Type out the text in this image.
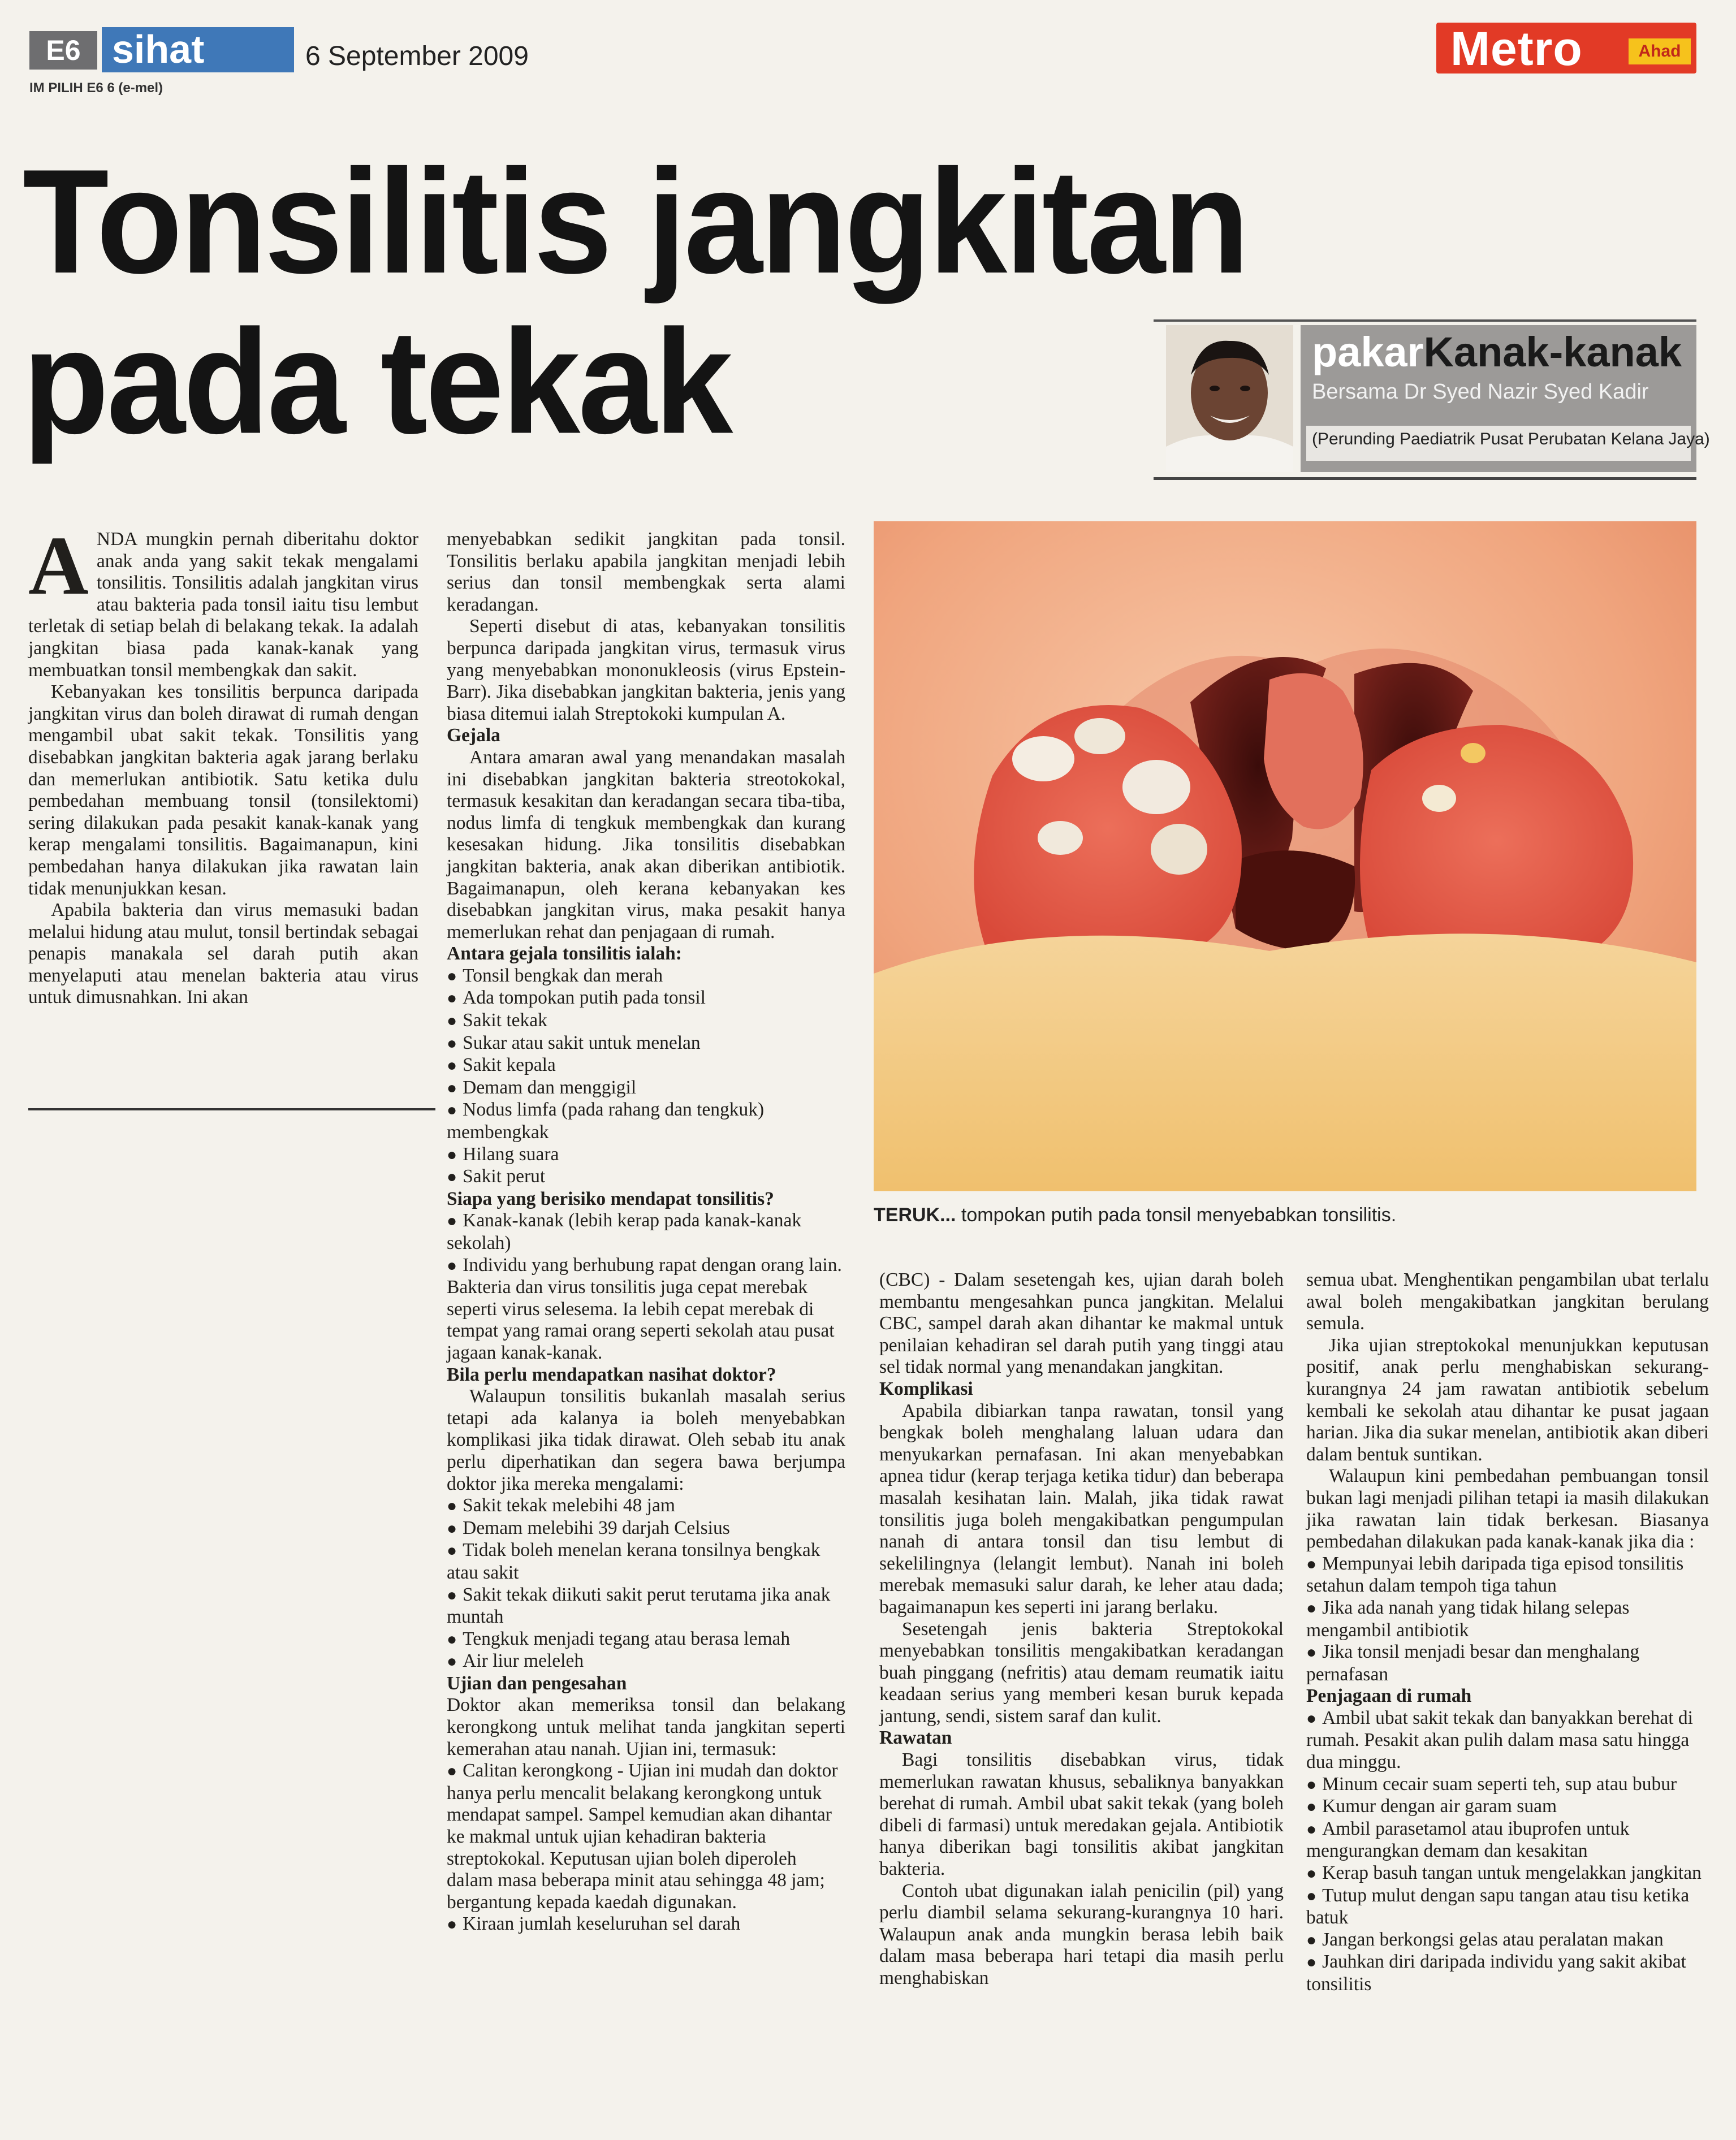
E6 sihat	6 September 2009
IM PILIH E6 6 (e-mel)
Metro	Ahad
Tonsilitis jangkitan
pada tekak	pakarKanak-kanak
Bersama Dr Syed Nazir Syed Kadir
(Perunding Paediatrik Pusat Perubatan Kelana Jaya)
TERUK... tompokan putih pada tonsil menyebabkan tonsilitis.

ANDA mungkin pernah diberitahu doktor anak anda yang sakit tekak mengalami tonsilitis. Tonsilitis adalah jangkitan virus atau bakteria pada tonsil iaitu tisu lembut terletak di setiap belah di belakang tekak. Ia adalah jangkitan biasa pada kanak-kanak yang membuatkan tonsil membengkak dan sakit.

Kebanyakan kes tonsilitis berpunca daripada jangkitan virus dan boleh dirawat di rumah dengan mengambil ubat sakit tekak. Tonsilitis yang disebabkan jangkitan bakteria agak jarang berlaku dan memerlukan antibiotik. Satu ketika dulu pembedahan membuang tonsil (tonsilektomi) sering dilakukan pada pesakit kanak-kanak yang kerap mengalami tonsilitis. Bagaimanapun, kini pembedahan hanya dilakukan jika rawatan lain tidak menunjukkan kesan.

Apabila bakteria dan virus memasuki badan melalui hidung atau mulut, tonsil bertindak sebagai penapis manakala sel darah putih akan menyelaputi atau menelan bakteria atau virus untuk dimusnahkan. Ini akan

menyebabkan sedikit jangkitan pada tonsil. Tonsilitis berlaku apabila jangkitan menjadi lebih serius dan tonsil membengkak serta alami keradangan.

Seperti disebut di atas, kebanyakan tonsilitis berpunca daripada jangkitan virus, termasuk virus yang menyebabkan mononukleosis (virus Epstein-Barr). Jika disebabkan jangkitan bakteria, jenis yang biasa ditemui ialah Streptokoki kumpulan A.

Gejala

Antara amaran awal yang menandakan masalah ini disebabkan jangkitan bakteria streotokokal, termasuk kesakitan dan keradangan secara tiba-tiba, nodus limfa di tengkuk membengkak dan kurang kesesakan hidung. Jika tonsilitis disebabkan jangkitan bakteria, anak akan diberikan antibiotik. Bagaimanapun, oleh kerana kebanyakan kes disebabkan jangkitan virus, maka pesakit hanya memerlukan rehat dan penjagaan di rumah.

Antara gejala tonsilitis ialah:

● Tonsil bengkak dan merah

● Ada tompokan putih pada tonsil

● Sakit tekak

● Sukar atau sakit untuk menelan

● Sakit kepala

● Demam dan menggigil

● Nodus limfa (pada rahang dan tengkuk) membengkak

● Hilang suara

● Sakit perut

Siapa yang berisiko mendapat tonsilitis?

● Kanak-kanak (lebih kerap pada kanak-kanak sekolah)

● Individu yang berhubung rapat dengan orang lain. Bakteria dan virus tonsilitis juga cepat merebak seperti virus selesema. Ia lebih cepat merebak di tempat yang ramai orang seperti sekolah atau pusat jagaan kanak-kanak.

Bila perlu mendapatkan nasihat doktor?

Walaupun tonsilitis bukanlah masalah serius tetapi ada kalanya ia boleh menyebabkan komplikasi jika tidak dirawat. Oleh sebab itu anak perlu diperhatikan dan segera bawa berjumpa doktor jika mereka mengalami:

● Sakit tekak melebihi 48 jam

● Demam melebihi 39 darjah Celsius

● Tidak boleh menelan kerana tonsilnya bengkak atau sakit

● Sakit tekak diikuti sakit perut terutama jika anak muntah

● Tengkuk menjadi tegang atau berasa lemah

● Air liur meleleh

Ujian dan pengesahan

Doktor akan memeriksa tonsil dan belakang kerongkong untuk melihat tanda jangkitan seperti kemerahan atau nanah. Ujian ini, termasuk:

● Calitan kerongkong - Ujian ini mudah dan doktor hanya perlu mencalit belakang kerongkong untuk mendapat sampel. Sampel kemudian akan dihantar ke makmal untuk ujian kehadiran bakteria streptokokal. Keputusan ujian boleh diperoleh dalam masa beberapa minit atau sehingga 48 jam; bergantung kepada kaedah digunakan.

● Kiraan jumlah keseluruhan sel darah

(CBC) - Dalam sesetengah kes, ujian darah boleh membantu mengesahkan punca jangkitan. Melalui CBC, sampel darah akan dihantar ke makmal untuk penilaian kehadiran sel darah putih yang tinggi atau sel tidak normal yang menandakan jangkitan.

Komplikasi

Apabila dibiarkan tanpa rawatan, tonsil yang bengkak boleh menghalang laluan udara dan menyukarkan pernafasan. Ini akan menyebabkan apnea tidur (kerap terjaga ketika tidur) dan beberapa masalah kesihatan lain. Malah, jika tidak rawat tonsilitis juga boleh mengakibatkan pengumpulan nanah di antara tonsil dan tisu lembut di sekelilingnya (lelangit lembut). Nanah ini boleh merebak memasuki salur darah, ke leher atau dada; bagaimanapun kes seperti ini jarang berlaku.

Sesetengah jenis bakteria Streptokokal menyebabkan tonsilitis mengakibatkan keradangan buah pinggang (nefritis) atau demam reumatik iaitu keadaan serius yang memberi kesan buruk kepada jantung, sendi, sistem saraf dan kulit.

Rawatan

Bagi tonsilitis disebabkan virus, tidak memerlukan rawatan khusus, sebaliknya banyakkan berehat di rumah. Ambil ubat sakit tekak (yang boleh dibeli di farmasi) untuk meredakan gejala. Antibiotik hanya diberikan bagi tonsilitis akibat jangkitan bakteria.

Contoh ubat digunakan ialah penicilin (pil) yang perlu diambil selama sekurang-kurangnya 10 hari. Walaupun anak anda mungkin berasa lebih baik dalam masa beberapa hari tetapi dia masih perlu menghabiskan

semua ubat. Menghentikan pengambilan ubat terlalu awal boleh mengakibatkan jangkitan berulang semula.

Jika ujian streptokokal menunjukkan keputusan positif, anak perlu menghabiskan sekurang-kurangnya 24 jam rawatan antibiotik sebelum kembali ke sekolah atau dihantar ke pusat jagaan harian. Jika dia sukar menelan, antibiotik akan diberi dalam bentuk suntikan.

Walaupun kini pembedahan pembuangan tonsil bukan lagi menjadi pilihan tetapi ia masih dilakukan jika rawatan lain tidak berkesan. Biasanya pembedahan dilakukan pada kanak-kanak jika dia :

● Mempunyai lebih daripada tiga episod tonsilitis setahun dalam tempoh tiga tahun

● Jika ada nanah yang tidak hilang selepas mengambil antibiotik

● Jika tonsil menjadi besar dan menghalang pernafasan

Penjagaan di rumah

● Ambil ubat sakit tekak dan banyakkan berehat di rumah. Pesakit akan pulih dalam masa satu hingga dua minggu.

● Minum cecair suam seperti teh, sup atau bubur

● Kumur dengan air garam suam

● Ambil parasetamol atau ibuprofen untuk mengurangkan demam dan kesakitan

● Kerap basuh tangan untuk mengelakkan jangkitan

● Tutup mulut dengan sapu tangan atau tisu ketika batuk

● Jangan berkongsi gelas atau peralatan makan

● Jauhkan diri daripada individu yang sakit akibat tonsilitis
